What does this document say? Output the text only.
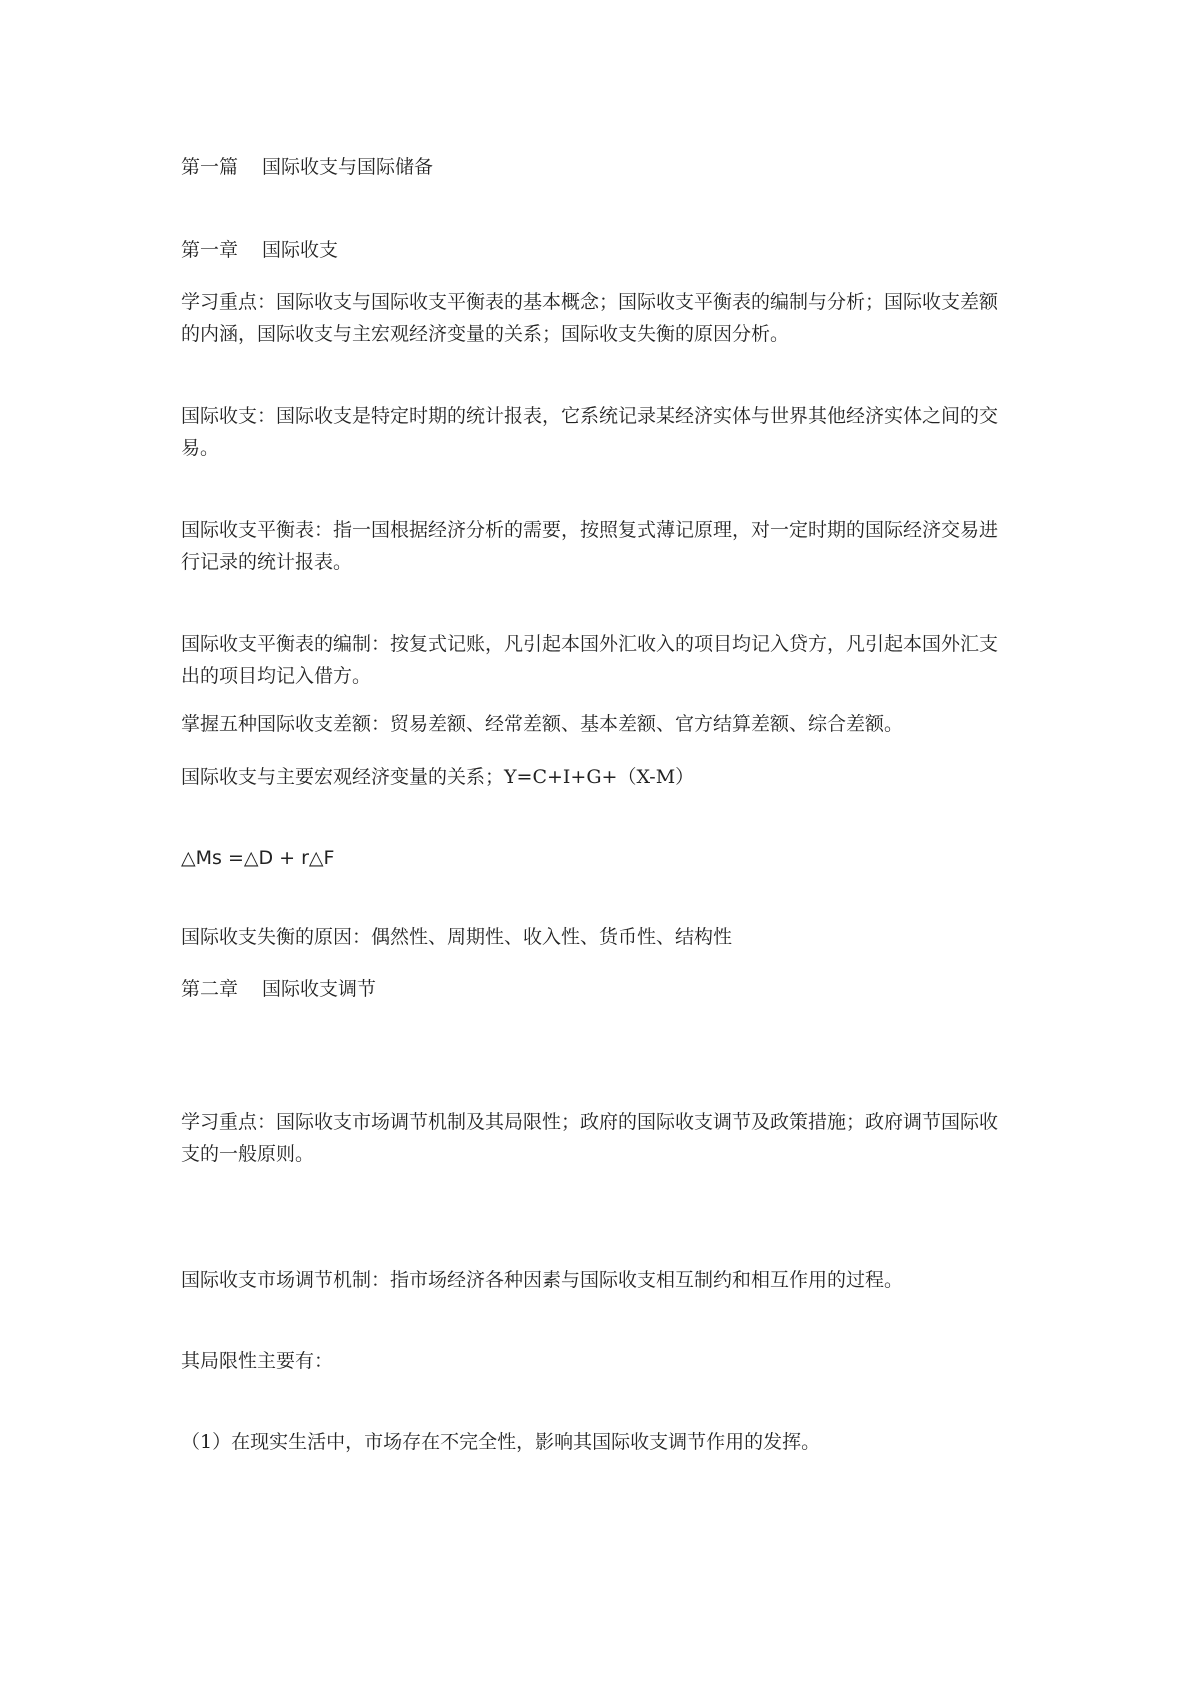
第一篇 国际收支与国际储备
第一章 国际收支
学习重点：国际收支与国际收支平衡表的基本概念；国际收支平衡表的编制与分析；国际收支差额的内涵，国际收支与主宏观经济变量的关系；国际收支失衡的原因分析。
国际收支：国际收支是特定时期的统计报表，它系统记录某经济实体与世界其他经济实体之间的交易。
国际收支平衡表：指一国根据经济分析的需要，按照复式薄记原理，对一定时期的国际经济交易进行记录的统计报表。
国际收支平衡表的编制：按复式记账，凡引起本国外汇收入的项目均记入贷方，凡引起本国外汇支出的项目均记入借方。
掌握五种国际收支差额：贸易差额、经常差额、基本差额、官方结算差额、综合差额。
国际收支与主要宏观经济变量的关系；Y=C+I+G+（X-M）
△Ms =△D + r△F
国际收支失衡的原因：偶然性、周期性、收入性、货币性、结构性
第二章 国际收支调节
学习重点：国际收支市场调节机制及其局限性；政府的国际收支调节及政策措施；政府调节国际收支的一般原则。
国际收支市场调节机制：指市场经济各种因素与国际收支相互制约和相互作用的过程。
其局限性主要有：
（1）在现实生活中，市场存在不完全性，影响其国际收支调节作用的发挥。
